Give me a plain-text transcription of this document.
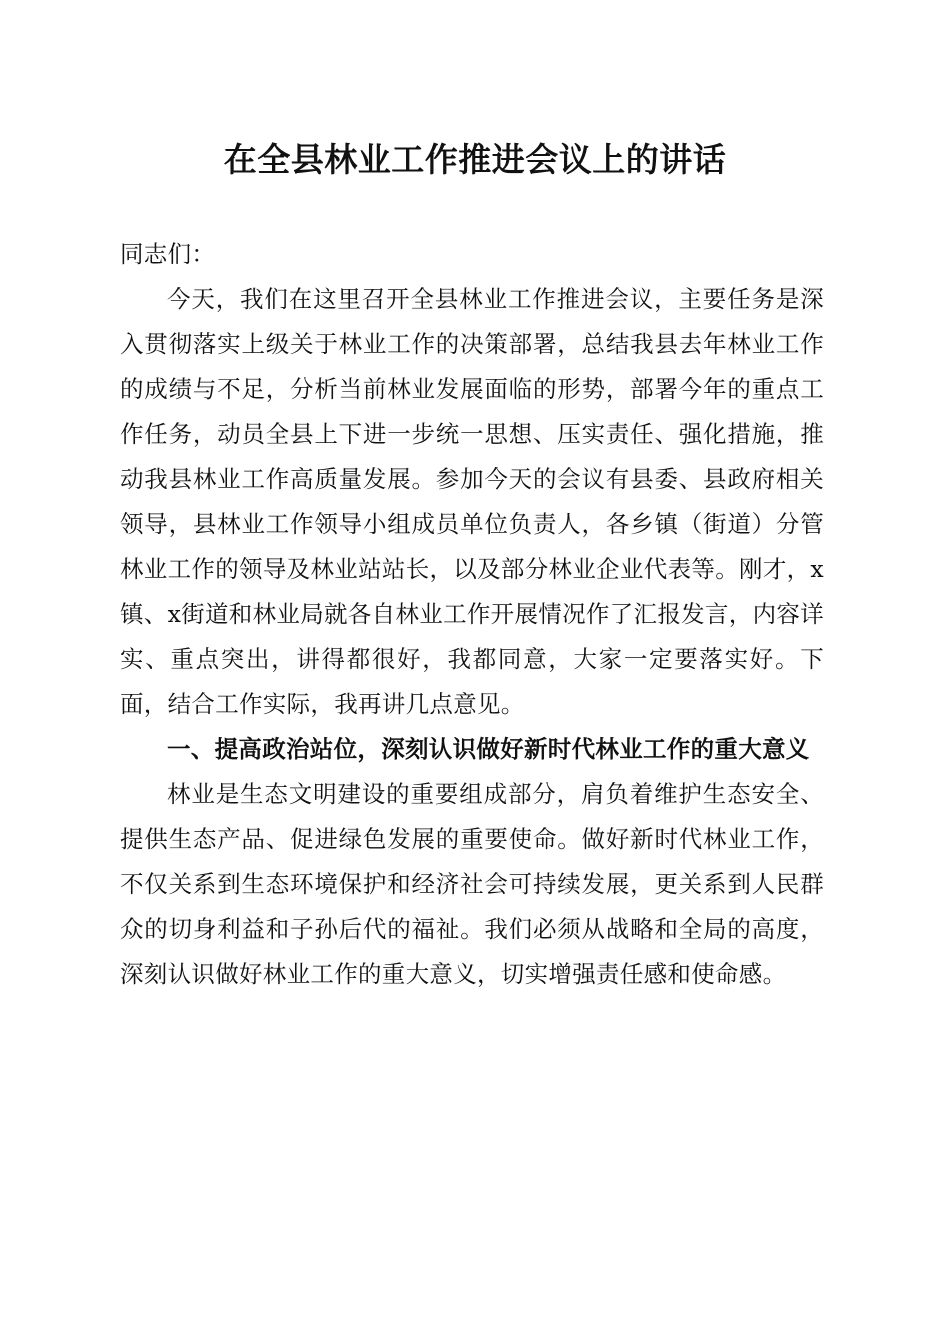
在全县林业工作推进会议上的讲话

同志们：

今天，我们在这里召开全县林业工作推进会议，主要任务是深入贯彻落实上级关于林业工作的决策部署，总结我县去年林业工作的成绩与不足，分析当前林业发展面临的形势，部署今年的重点工作任务，动员全县上下进一步统一思想、压实责任、强化措施，推动我县林业工作高质量发展。参加今天的会议有县委、县政府相关领导，县林业工作领导小组成员单位负责人，各乡镇（街道）分管林业工作的领导及林业站站长，以及部分林业企业代表等。刚才，x镇、x街道和林业局就各自林业工作开展情况作了汇报发言，内容详实、重点突出，讲得都很好，我都同意，大家一定要落实好。下面，结合工作实际，我再讲几点意见。

一、提高政治站位，深刻认识做好新时代林业工作的重大意义

林业是生态文明建设的重要组成部分，肩负着维护生态安全、提供生态产品、促进绿色发展的重要使命。做好新时代林业工作，不仅关系到生态环境保护和经济社会可持续发展，更关系到人民群众的切身利益和子孙后代的福祉。我们必须从战略和全局的高度，深刻认识做好林业工作的重大意义，切实增强责任感和使命感。
